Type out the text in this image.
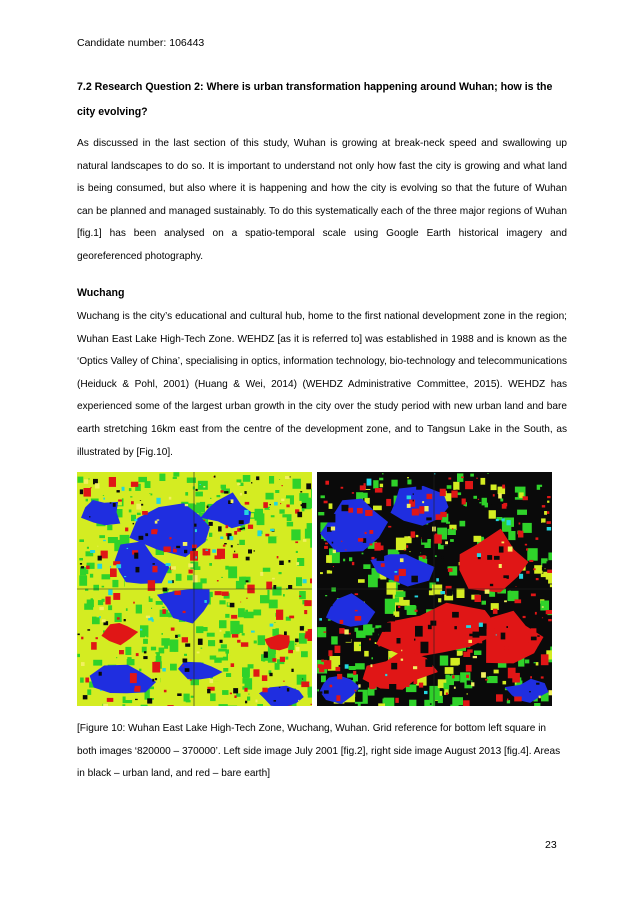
Candidate number: 106443
7.2 Research Question 2: Where is urban transformation happening around Wuhan; how is the city evolving?
As discussed in the last section of this study, Wuhan is growing at break-neck speed and swallowing up natural landscapes to do so. It is important to understand not only how fast the city is growing and what land is being consumed, but also where it is happening and how the city is evolving so that the future of Wuhan can be planned and managed sustainably. To do this systematically each of the three major regions of Wuhan [fig.1] has been analysed on a spatio-temporal scale using Google Earth historical imagery and georeferenced photography.
Wuchang
Wuchang is the city’s educational and cultural hub, home to the first national development zone in the region; Wuhan East Lake High-Tech Zone. WEHDZ [as it is referred to] was established in 1988 and is known as the ‘Optics Valley of China’, specialising in optics, information technology, bio-technology and telecommunications (Heiduck & Pohl, 2001) (Huang & Wei, 2014) (WEHDZ Administrative Committee, 2015). WEHDZ has experienced some of the largest urban growth in the city over the study period with new urban land and bare earth stretching 16km east from the centre of the development zone, and to Tangsun Lake in the South, as illustrated by [Fig.10].
[Figure 10: Wuhan East Lake High-Tech Zone, Wuchang, Wuhan. Grid reference for bottom left square in both images ‘820000 – 370000’. Left side image July 2001 [fig.2], right side image August 2013 [fig.4]. Areas in black – urban land, and red – bare earth]
23
